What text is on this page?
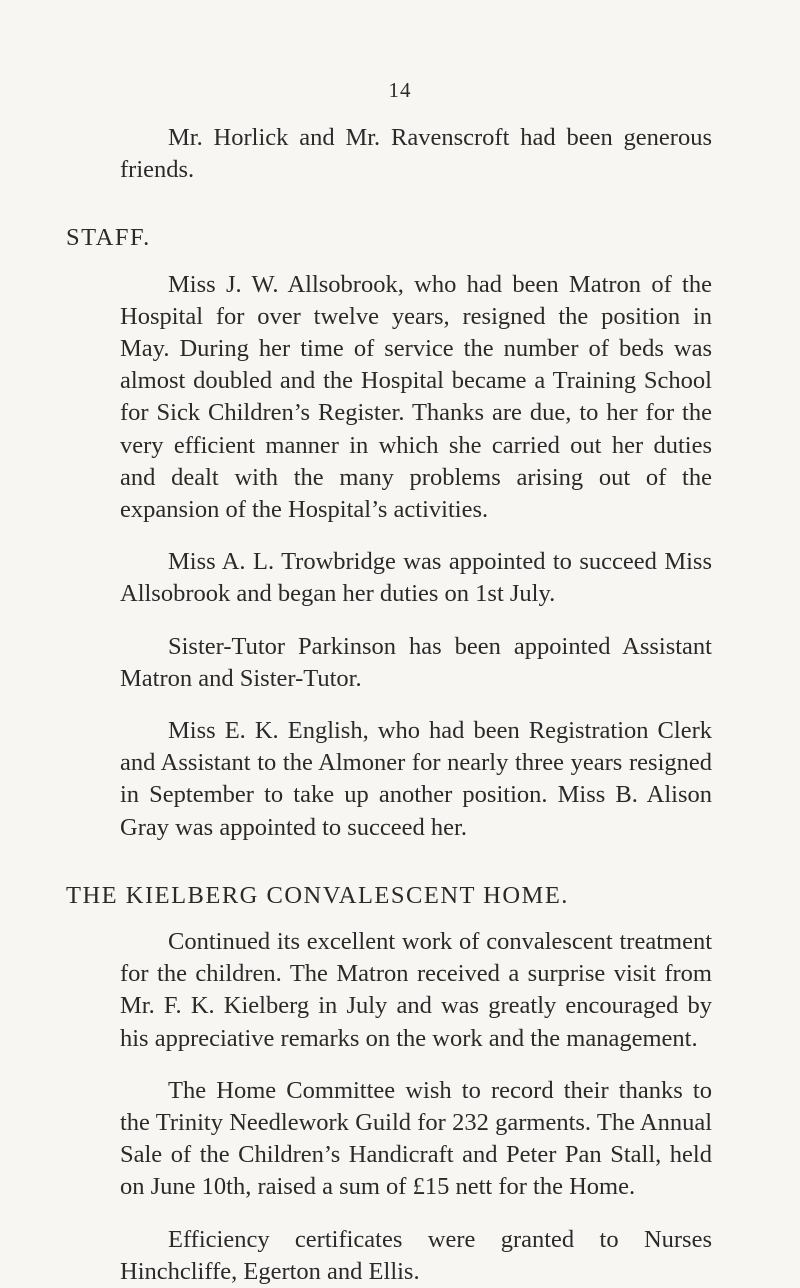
14

Mr. Horlick and Mr. Ravenscroft had been generous friends.

STAFF.

Miss J. W. Allsobrook, who had been Matron of the Hospital for over twelve years, resigned the position in May. During her time of service the number of beds was almost doubled and the Hospital became a Training School for Sick Children’s Register. Thanks are due, to her for the very efficient manner in which she carried out her duties and dealt with the many problems arising out of the expansion of the Hospital’s activities.

Miss A. L. Trowbridge was appointed to succeed Miss Allsobrook and began her duties on 1st July.

Sister-Tutor Parkinson has been appointed Assistant Matron and Sister-Tutor.

Miss E. K. English, who had been Registration Clerk and Assistant to the Almoner for nearly three years resigned in September to take up another position. Miss B. Alison Gray was appointed to succeed her.

THE KIELBERG CONVALESCENT HOME.

Continued its excellent work of convalescent treatment for the children. The Matron received a surprise visit from Mr. F. K. Kielberg in July and was greatly encouraged by his appreciative remarks on the work and the management.

The Home Committee wish to record their thanks to the Trinity Needlework Guild for 232 garments. The Annual Sale of the Children’s Handicraft and Peter Pan Stall, held on June 10th, raised a sum of £15 nett for the Home.

Efficiency certificates were granted to Nurses Hinchcliffe, Egerton and Ellis.
